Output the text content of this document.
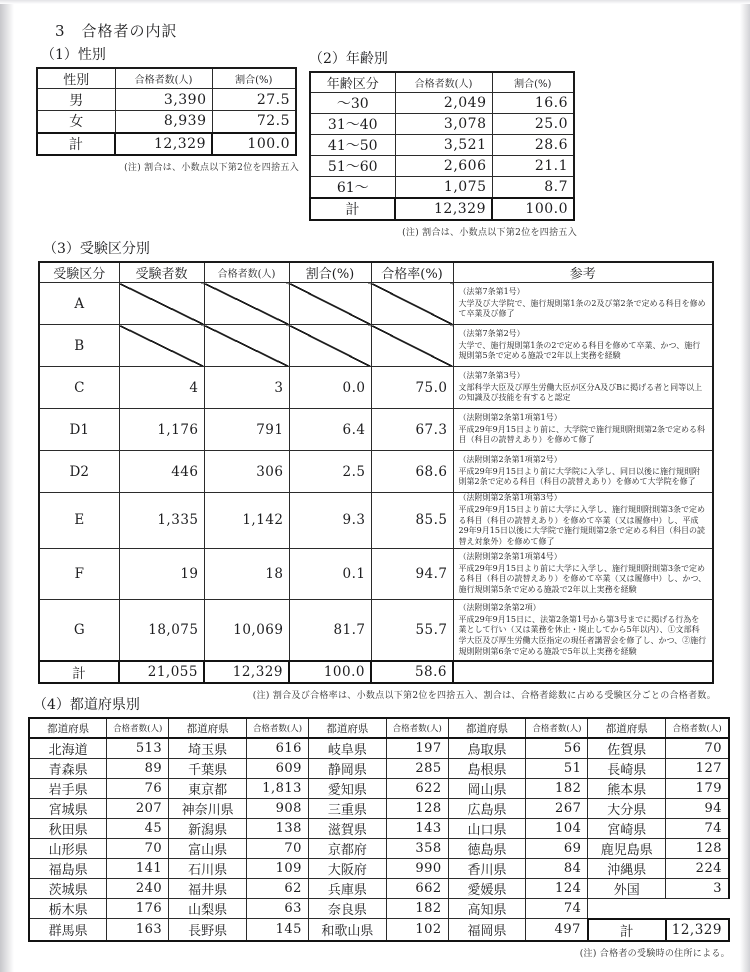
3　合格者の内訳
（1）性別
性別	合格者数(人)	割合(%)
男	3,390	27.5
女	8,939	72.5
計	12,329	100.0
(注) 割合は、小数点以下第2位を四捨五入
（2）年齢別
年齢区分	合格者数(人)	割合(%)
～30	2,049	16.6
31～40	3,078	25.0
41～50	3,521	28.6
51～60	2,606	21.1
61～	1,075	8.7
計	12,329	100.0
(注) 割合は、小数点以下第2位を四捨五入
（3）受験区分別
受験区分	受験者数	合格者数(人)	割合(%)	合格率(%)	参考
A					（法第7条第1号）
大学及び大学院で、施行規則第1条の2及び第2条で定める科目を修めて卒業及び修了

B					（法第7条第2号）
大学で、施行規則第1条の2で定める科目を修めて卒業、かつ、施行規則第5条で定める施設で2年以上実務を経験

C	4	3	0.0	75.0	（法第7条第3号）
文部科学大臣及び厚生労働大臣が区分A及びBに掲げる者と同等以上の知識及び技能を有すると認定

D1	1,176	791	6.4	67.3	（法附則第2条第1項第1号）
平成29年9月15日より前に、大学院で施行規則附則第2条で定める科目（科目の読替えあり）を修めて修了

D2	446	306	2.5	68.6	（法附則第2条第1項第2号）
平成29年9月15日より前に大学院に入学し、同日以後に施行規則附則第2条で定める科目（科目の読替えあり）を修めて大学院を修了

E	1,335	1,142	9.3	85.5	（法附則第2条第1項第3号）
平成29年9月15日より前に大学に入学し、施行規則附則第3条で定める科目（科目の読替えあり）を修めて卒業（又は履修中）し、平成29年9月15日以後に大学院で施行規則第2条で定める科目（科目の読替え対象外）を修めて修了

F	19	18	0.1	94.7	（法附則第2条第1項第4号）
平成29年9月15日より前に大学に入学し、施行規則附則第3条で定める科目（科目の読替えあり）を修めて卒業（又は履修中）し、かつ、施行規則第5条で定める施設で2年以上実務を経験

G	18,075	10,069	81.7	55.7	（法附則第2条第2項）
平成29年9月15日に、法第2条第1号から第3号までに掲げる行為を業として行い（又は業務を休止・廃止してから5年以内）、①文部科学大臣及び厚生労働大臣指定の現任者講習会を修了し、かつ、②施行規則附則第6条で定める施設で5年以上実務を経験

計	21,055	12,329	100.0	58.6	
(注) 割合及び合格率は、小数点以下第2位を四捨五入、割合は、合格者総数に占める受験区分ごとの合格者数。
（4）都道府県別
都道府県	合格者数(人)	都道府県	合格者数(人)	都道府県	合格者数(人)	都道府県	合格者数(人)	都道府県	合格者数(人)
北海道	513	埼玉県	616	岐阜県	197	鳥取県	56	佐賀県	70
青森県	89	千葉県	609	静岡県	285	島根県	51	長崎県	127
岩手県	76	東京都	1,813	愛知県	622	岡山県	182	熊本県	179
宮城県	207	神奈川県	908	三重県	128	広島県	267	大分県	94
秋田県	45	新潟県	138	滋賀県	143	山口県	104	宮崎県	74
山形県	70	富山県	70	京都府	358	徳島県	69	鹿児島県	128
福島県	141	石川県	109	大阪府	990	香川県	84	沖縄県	224
茨城県	240	福井県	62	兵庫県	662	愛媛県	124	外国	3
栃木県	176	山梨県	63	奈良県	182	高知県	74		
群馬県	163	長野県	145	和歌山県	102	福岡県	497	計	12,329
(注) 合格者の受験時の住所による。
